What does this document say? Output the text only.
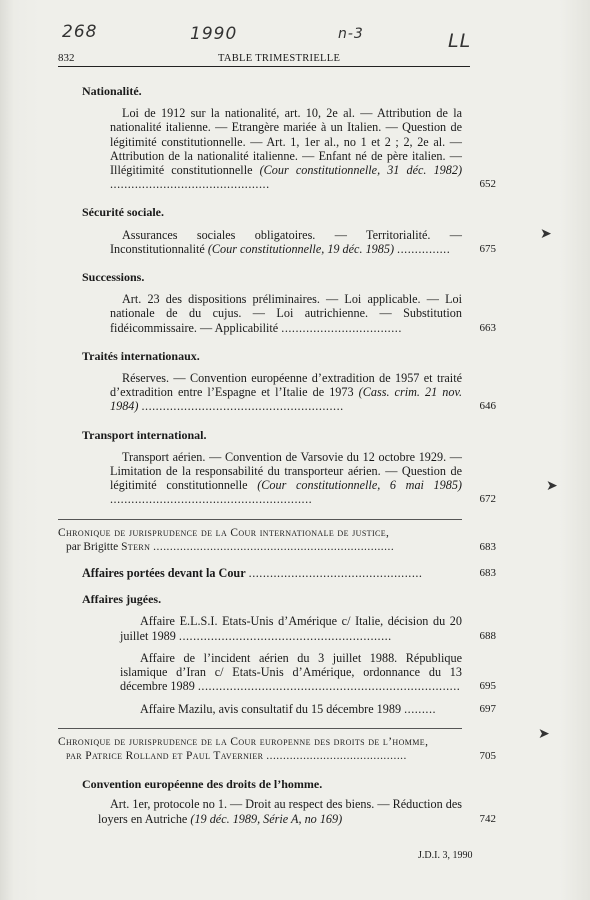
268	1990	n-3	LL
832	TABLE TRIMESTRIELLE
Nationalité.
Loi de 1912 sur la nationalité, art. 10, 2e al. — Attribution de la nationalité italienne. — Etrangère mariée à un Italien. — Question de légitimité constitutionnelle. — Art. 1, 1er al., no 1 et 2 ; 2, 2e al. — Attribution de la nationalité italienne. — Enfant né de père italien. — Illégitimité constitutionnelle (Cour constitutionnelle, 31 déc. 1982) .............................................	652
Sécurité sociale.
Assurances sociales obligatoires. — Territorialité. — Inconstitutionnalité (Cour constitutionnelle, 19 déc. 1985) ...............	675
Successions.
Art. 23 des dispositions préliminaires. — Loi applicable. — Loi nationale de du cujus. — Loi autrichienne. — Substitution fidéicommissaire. — Applicabilité ..................................	663
Traités internationaux.
Réserves. — Convention européenne d’extradition de 1957 et traité d’extradition entre l’Espagne et l’Italie de 1973 (Cass. crim. 21 nov. 1984) .........................................................	646
Transport international.
Transport aérien. — Convention de Varsovie du 12 octobre 1929. — Limitation de la responsabilité du transporteur aérien. — Question de légitimité constitutionnelle (Cour constitutionnelle, 6 mai 1985) .........................................................	672
Chronique de jurisprudence de la Cour internationale de justice,
par Brigitte Stern ........................................................................	683
Affaires portées devant la Cour .................................................	683
Affaires jugées.
Affaire E.L.S.I. Etats-Unis d’Amérique c/ Italie, décision du 20 juillet 1989 ............................................................	688
Affaire de l’incident aérien du 3 juillet 1988. République islamique d’Iran c/ Etats-Unis d’Amérique, ordonnance du 13 décembre 1989 ..........................................................................	695
Affaire Mazilu, avis consultatif du 15 décembre 1989 .........	697
Chronique de jurisprudence de la Cour europenne des droits de l’homme,
par Patrice Rolland et Paul Tavernier ..........................................	705
Convention européenne des droits de l’homme.
Art. 1er, protocole no 1. — Droit au respect des biens. — Réduction des loyers en Autriche (19 déc. 1989, Série A, no 169)	742
J.D.I. 3, 1990
➤
➤
➤
